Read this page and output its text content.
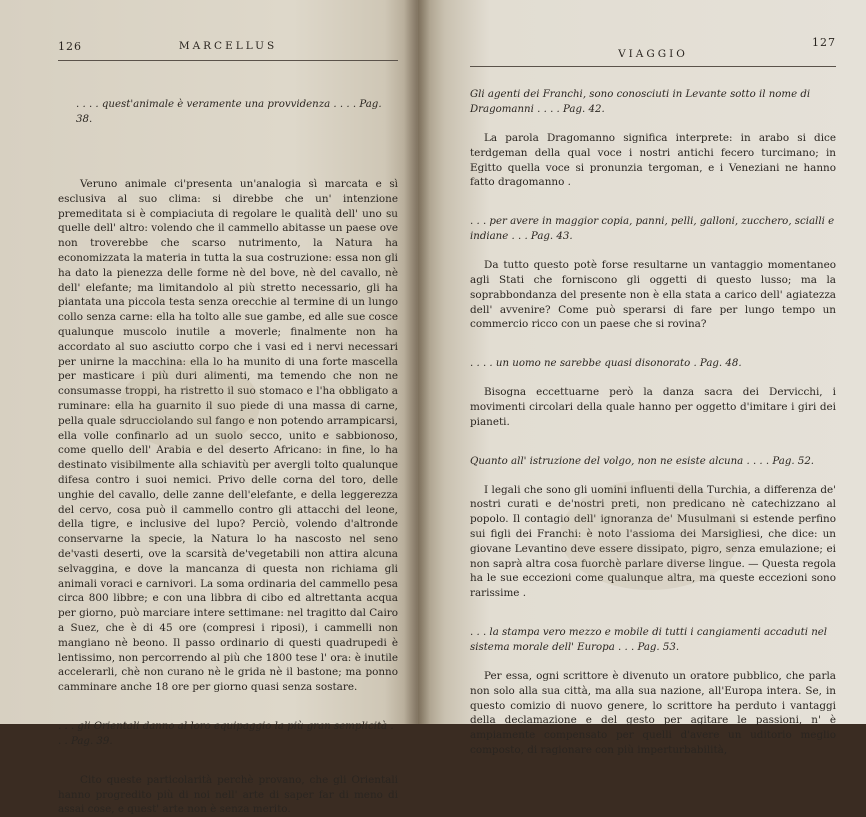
126	MARCELLUS
. . . . quest'animale è veramente una provvidenza . . . . Pag. 38.

Veruno animale ci'presenta un'analogia sì marcata e sì esclusiva al suo clima: si direbbe che un' intenzione premeditata si è compiaciuta di regolare le qualità dell' uno su quelle dell' altro: volendo che il cammello abitasse un paese ove non troverebbe che scarso nutrimento, la Natura ha economizzata la materia in tutta la sua costruzione: essa non gli ha dato la pienezza delle forme nè del bove, nè del cavallo, nè dell' elefante; ma limitandolo al più stretto necessario, gli ha piantata una piccola testa senza orecchie al termine di un lungo collo senza carne: ella ha tolto alle sue gambe, ed alle sue cosce qualunque muscolo inutile a moverle; finalmente non ha accordato al suo asciutto corpo che i vasi ed i nervi necessari per unirne la macchina: ella lo ha munito di una forte mascella per masticare i più duri alimenti, ma temendo che non ne consumasse troppi, ha ristretto il suo stomaco e l'ha obbligato a ruminare: ella ha guarnito il suo piede di una massa di carne, pella quale sdrucciolando sul fango e non potendo arrampicarsi, ella volle confinarlo ad un suolo secco, unito e sabbionoso, come quello dell' Arabia e del deserto Africano: in fine, lo ha destinato visibilmente alla schiavitù per avergli tolto qualunque difesa contro i suoi nemici. Privo delle corna del toro, delle unghie del cavallo, delle zanne dell'elefante, e della leggerezza del cervo, cosa può il cammello contro gli attacchi del leone, della tigre, e inclusive del lupo? Perciò, volendo d'altronde conservarne la specie, la Natura lo ha nascosto nel seno de'vasti deserti, ove la scarsità de'vegetabili non attira alcuna selvaggina, e dove la mancanza di questa non richiama gli animali voraci e carnivori. La soma ordinaria del cammello pesa circa 800 libbre; e con una libbra di cibo ed altrettanta acqua per giorno, può marciare intere settimane: nel tragitto dal Cairo a Suez, che è di 45 ore (compresi i riposi), i cammelli non mangiano nè beono. Il passo ordinario di questi quadrupedi è lentissimo, non percorrendo al più che 1800 tese l' ora: è inutile accelerarli, chè non curano nè le grida nè il bastone; ma ponno camminare anche 18 ore per giorno quasi senza sostare.

. . . gli Orientali danno al loro equipaggio la più gran semplicità . . . Pag. 39.

Cito queste particolarità perchè provano, che gli Orientali hanno progredito più di noi nell' arte di saper far di meno di assai cose, e quest' arte non è senza merito.

VIAGGIO
127
Gli agenti dei Franchi, sono conosciuti in Levante sotto il nome di Dragomanni . . . . Pag. 42.

La parola Dragomanno significa interprete: in arabo si dice terdgeman della qual voce i nostri antichi fecero turcimano; in Egitto quella voce si pronunzia tergoman, e i Veneziani ne hanno fatto dragomanno .

. . . per avere in maggior copia, panni, pelli, galloni, zucchero, scialli e indiane . . . Pag. 43.

Da tutto questo potè forse resultarne un vantaggio momentaneo agli Stati che forniscono gli oggetti di questo lusso; ma la soprabbondanza del presente non è ella stata a carico dell' agiatezza dell' avvenire? Come può sperarsi di fare per lungo tempo un commercio ricco con un paese che si rovina?

. . . . un uomo ne sarebbe quasi disonorato . Pag. 48.

Bisogna eccettuarne però la danza sacra dei Dervicchi, i movimenti circolari della quale hanno per oggetto d'imitare i giri dei pianeti.

Quanto all' istruzione del volgo, non ne esiste alcuna . . . . Pag. 52.

I legali che sono gli uomini influenti della Turchia, a differenza de' nostri curati e de'nostri preti, non predicano nè catechizzano al popolo. Il contagio dell' ignoranza de' Musulmani si estende perfino sui figli dei Franchi: è noto l'assioma dei Marsigliesi, che dice: un giovane Levantino deve essere dissipato, pigro, senza emulazione; ei non saprà altra cosa fuorchè parlare diverse lingue. — Questa regola ha le sue eccezioni come qualunque altra, ma queste eccezioni sono rarissime .

. . . la stampa vero mezzo e mobile di tutti i cangiamenti accaduti nel sistema morale dell' Europa . . . Pag. 53.

Per essa, ogni scrittore è divenuto un oratore pubblico, che parla non solo alla sua città, ma alla sua nazione, all'Europa intera. Se, in questo comizio di nuovo genere, lo scrittore ha perduto i vantaggi della declamazione e del gesto per agitare le passioni, n' è ampiamente compensato per quelli d'avere un uditorio meglio composto, di ragionare con più imperturbabilità,
